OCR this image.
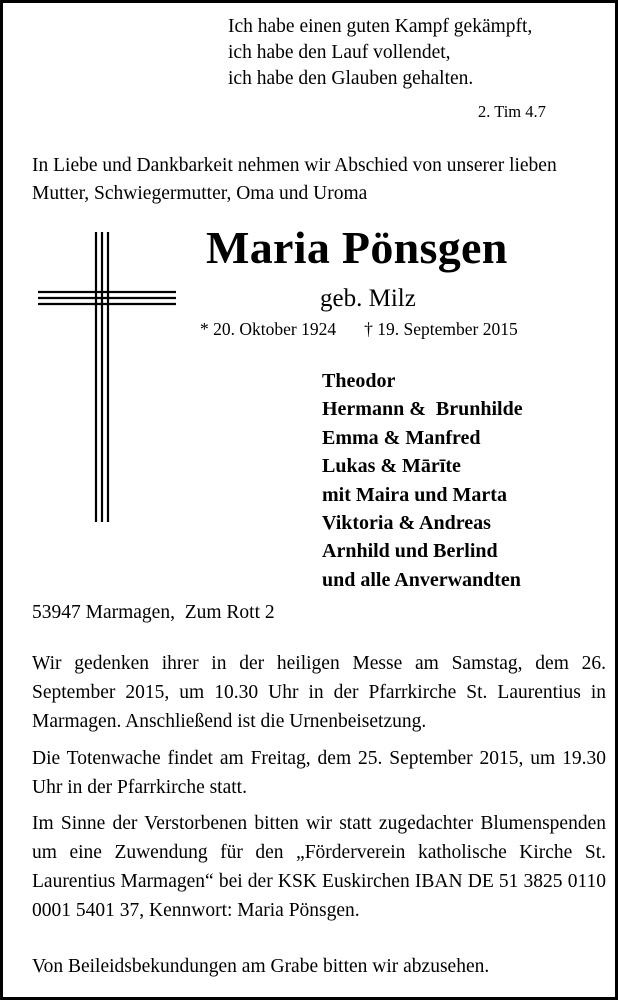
Ich habe einen guten Kampf gekämpft,
ich habe den Lauf vollendet,
ich habe den Glauben gehalten.
2. Tim 4.7
In Liebe und Dankbarkeit nehmen wir Abschied von unserer lieben Mutter, Schwiegermutter, Oma und Uroma
Maria Pönsgen
geb. Milz
* 20. Oktober 1924 † 19. September 2015
Theodor
Hermann &  Brunhilde
Emma & Manfred
Lukas & Mārīte
mit Maira und Marta
Viktoria & Andreas
Arnhild und Berlind
und alle Anverwandten
53947 Marmagen,  Zum Rott 2
Wir gedenken ihrer in der heiligen Messe am Samstag, dem 26. September 2015, um 10.30 Uhr in der Pfarrkirche St. Laurentius in Marmagen. Anschließend ist die Urnenbeisetzung.
Die Totenwache findet am Freitag, dem 25. September 2015, um 19.30 Uhr in der Pfarrkirche statt.
Im Sinne der Verstorbenen bitten wir statt zugedachter Blumenspenden um eine Zuwendung für den „Förderverein katholische Kirche St. Laurentius Marmagen“ bei der KSK Euskirchen IBAN DE 51 3825 0110 0001 5401 37, Kennwort: Maria Pönsgen.
Von Beileidsbekundungen am Grabe bitten wir abzusehen.
